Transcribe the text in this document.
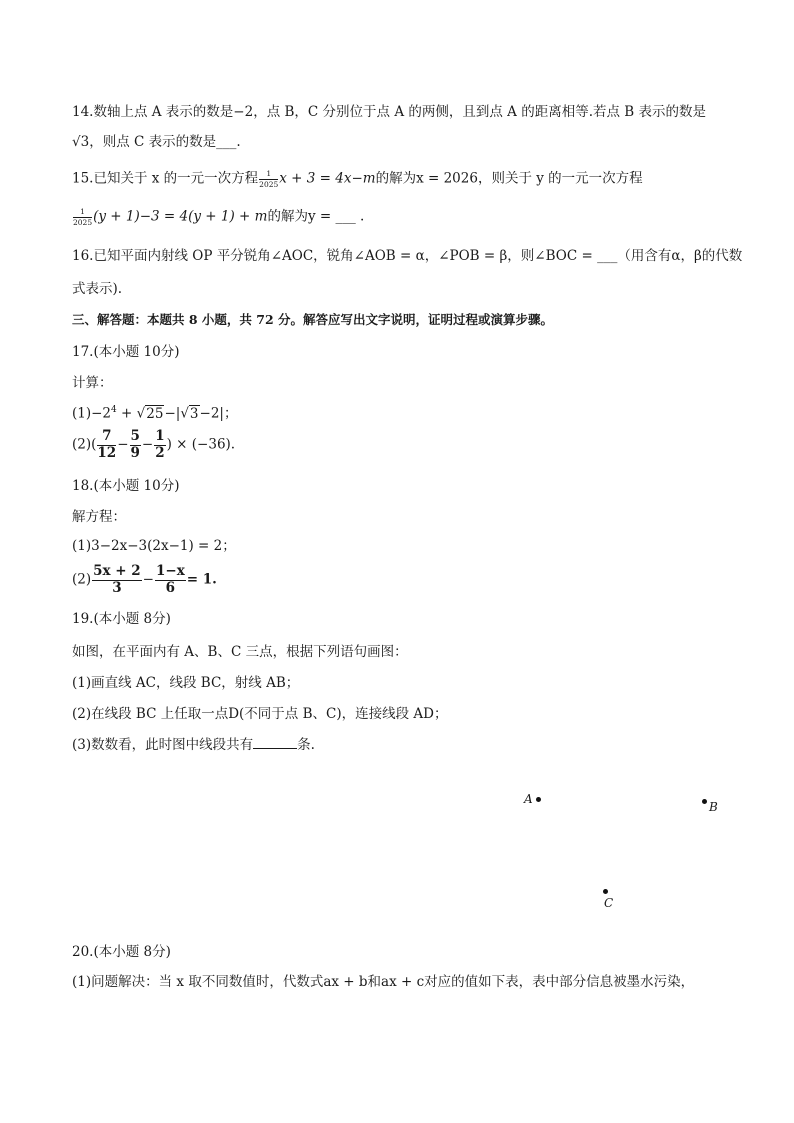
14.数轴上点 A 表示的数是−2，点 B，C 分别位于点 A 的两侧，且到点 A 的距离相等.若点 B 表示的数是
√3，则点 C 表示的数是___.
15.已知关于 x 的一元一次方程 $\frac{1}{2025}$ x + 3 = 4x−m的解为x = 2026，则关于 y 的一元一次方程
$\frac{1}{2025} (y + 1)-3 = 4(y + 1) + m$的解为y = ___ .
16.已知平面内射线 OP 平分锐角∠AOC，锐角∠AOB = α，∠POB = β，则∠BOC = ___（用含有α，β的代数
式表示).
三、解答题：本题共 8 小题，共 72 分。解答应写出文字说明，证明过程或演算步骤。
17.(本小题 10分)
计算：
$(1)-2^4 + √25-|√3-2|$；
$(2)( \frac{7}{12} - \frac{5}{9} - \frac{1}{2}$ ) × (−36).
18.(本小题 10分)
解方程：
(1)3−2x−3(2x−1) = 2；
$(2) \frac{5x + 2}{3} - \frac{1-x}{6} = 1$.
19.(本小题 8分)
如图，在平面内有 A、B、C 三点，根据下列语句画图：
(1)画直线 AC，线段 BC，射线 AB；
(2)在线段 BC 上任取一点D(不同于点 B、C)，连接线段 AD；
(3)数数看，此时图中线段共有	条.
A
B
C
20.(本小题 8分)
(1)问题解决：当 x 取不同数值时，代数式ax + b和ax + c对应的值如下表，表中部分信息被墨水污染，
